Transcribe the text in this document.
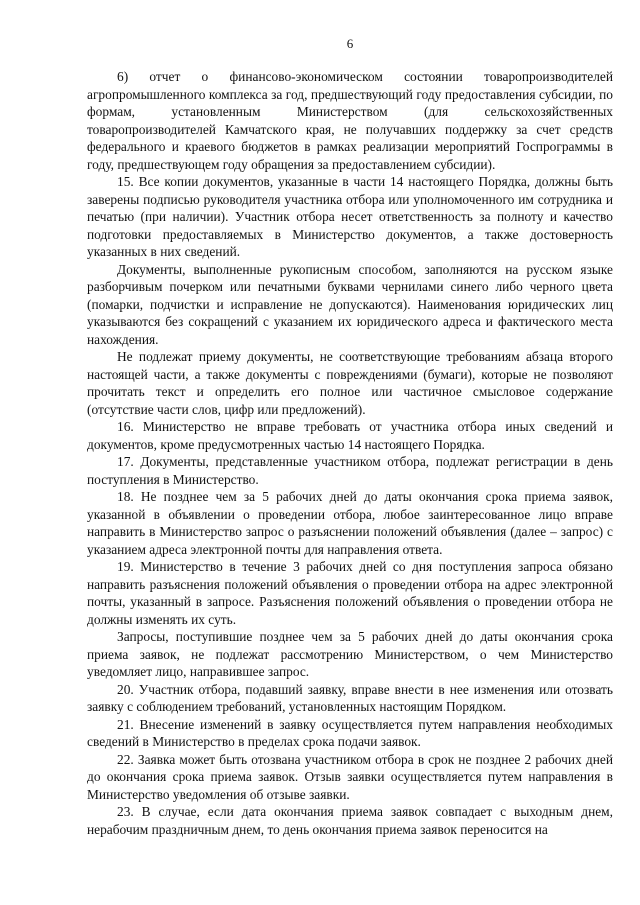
6

6) отчет о финансово-экономическом состоянии товаропроизводителей агропромышленного комплекса за год, предшествующий году предоставления субсидии, по формам, установленным Министерством (для сельскохозяйственных товаропроизводителей Камчатского края, не получавших поддержку за счет средств федерального и краевого бюджетов в рамках реализации мероприятий Госпрограммы в году, предшествующем году обращения за предоставлением субсидии).

15. Все копии документов, указанные в части 14 настоящего Порядка, должны быть заверены подписью руководителя участника отбора или уполномоченного им сотрудника и печатью (при наличии). Участник отбора несет ответственность за полноту и качество подготовки предоставляемых в Министерство документов, а также достоверность указанных в них сведений.

Документы, выполненные рукописным способом, заполняются на русском языке разборчивым почерком или печатными буквами чернилами синего либо черного цвета (помарки, подчистки и исправление не допускаются). Наименования юридических лиц указываются без сокращений с указанием их юридического адреса и фактического места нахождения.

Не подлежат приему документы, не соответствующие требованиям абзаца второго настоящей части, а также документы с повреждениями (бумаги), которые не позволяют прочитать текст и определить его полное или частичное смысловое содержание (отсутствие части слов, цифр или предложений).

16. Министерство не вправе требовать от участника отбора иных сведений и документов, кроме предусмотренных частью 14 настоящего Порядка.

17. Документы, представленные участником отбора, подлежат регистрации в день поступления в Министерство.

18. Не позднее чем за 5 рабочих дней до даты окончания срока приема заявок, указанной в объявлении о проведении отбора, любое заинтересованное лицо вправе направить в Министерство запрос о разъяснении положений объявления (далее – запрос) с указанием адреса электронной почты для направления ответа.

19. Министерство в течение 3 рабочих дней со дня поступления запроса обязано направить разъяснения положений объявления о проведении отбора на адрес электронной почты, указанный в запросе. Разъяснения положений объявления о проведении отбора не должны изменять их суть.

Запросы, поступившие позднее чем за 5 рабочих дней до даты окончания срока приема заявок, не подлежат рассмотрению Министерством, о чем Министерство уведомляет лицо, направившее запрос.

20. Участник отбора, подавший заявку, вправе внести в нее изменения или отозвать заявку с соблюдением требований, установленных настоящим Порядком.

21. Внесение изменений в заявку осуществляется путем направления необходимых сведений в Министерство в пределах срока подачи заявок.

22. Заявка может быть отозвана участником отбора в срок не позднее 2 рабочих дней до окончания срока приема заявок. Отзыв заявки осуществляется путем направления в Министерство уведомления об отзыве заявки.

23. В случае, если дата окончания приема заявок совпадает с выходным днем, нерабочим праздничным днем, то день окончания приема заявок переносится на
